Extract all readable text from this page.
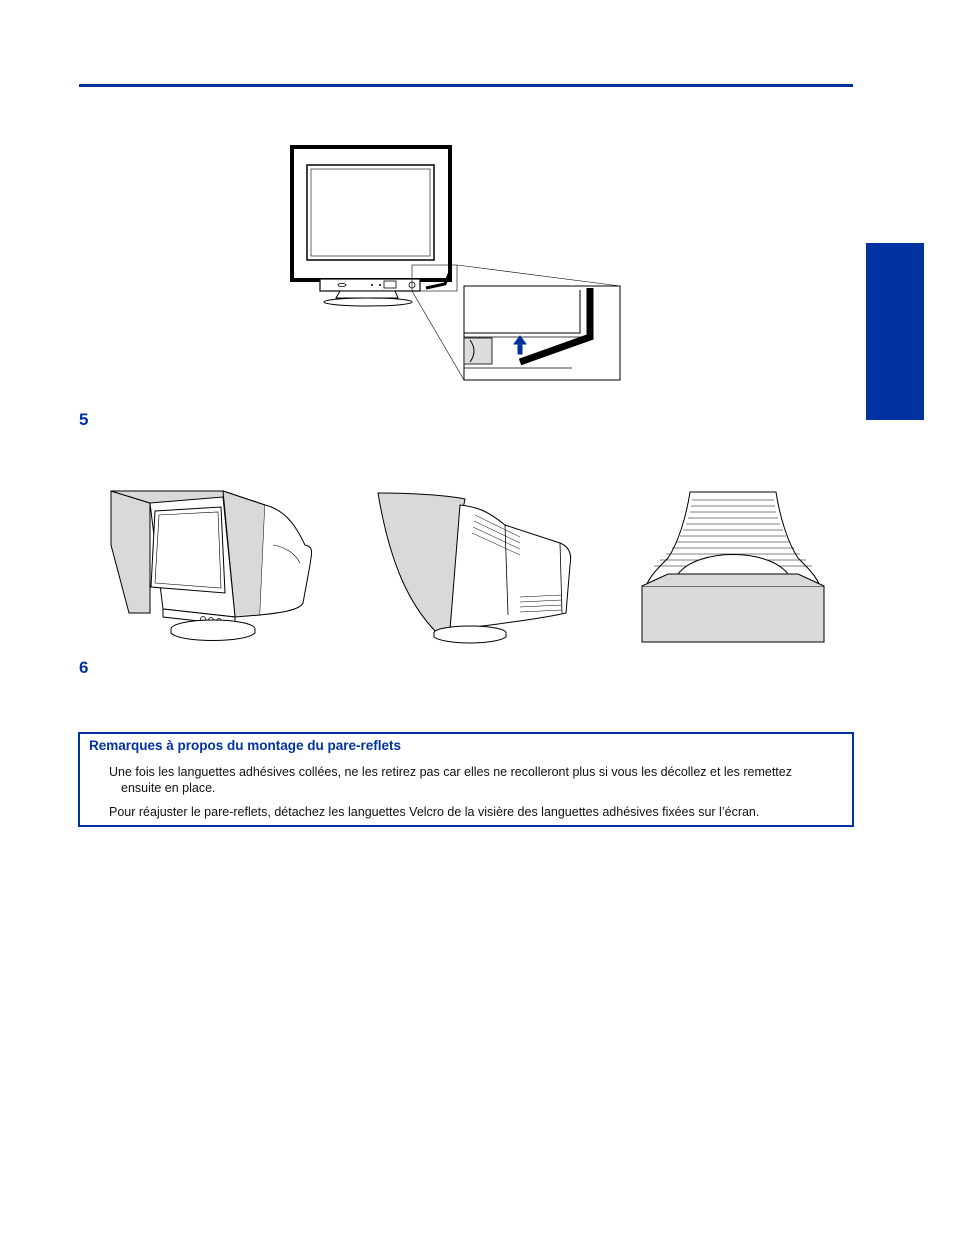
5
6
Remarques à propos du montage du pare-reflets
Une fois les languettes adhésives collées, ne les retirez pas car elles ne recolleront plus si vous les décollez et les remettez
ensuite en place.
Pour réajuster le pare-reflets, détachez les languettes Velcro de la visière des languettes adhésives fixées sur l’écran.
